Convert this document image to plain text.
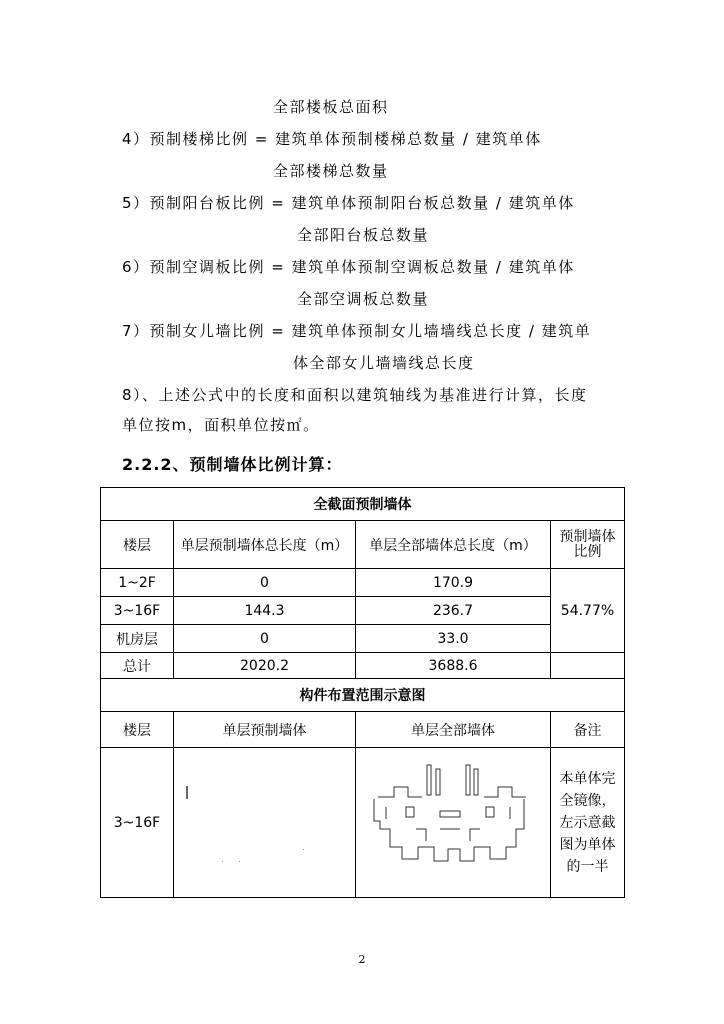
全部楼板总面积
4）预制楼梯比例 = 建筑单体预制楼梯总数量 / 建筑单体
全部楼梯总数量
5）预制阳台板比例 = 建筑单体预制阳台板总数量 / 建筑单体
全部阳台板总数量
6）预制空调板比例 = 建筑单体预制空调板总数量 / 建筑单体
全部空调板总数量
7）预制女儿墙比例 = 建筑单体预制女儿墙墙线总长度 / 建筑单
体全部女儿墙墙线总长度
8）、上述公式中的长度和面积以建筑轴线为基准进行计算，长度
单位按m，面积单位按㎡。
2.2.2、预制墙体比例计算：
全截面预制墙体			
楼层	单层预制墙体总长度（m）	单层全部墙体总长度（m）	预制墙体比例
1~2F	0	170.9	54.77%
3~16F	144.3	236.7	
机房层	0	33.0	
总计	2020.2	3688.6	
构件布置范围示意图			
楼层	单层预制墙体	单层全部墙体	备注
3~16F			本单体完全镜像，左示意截图为单体的一半
2
